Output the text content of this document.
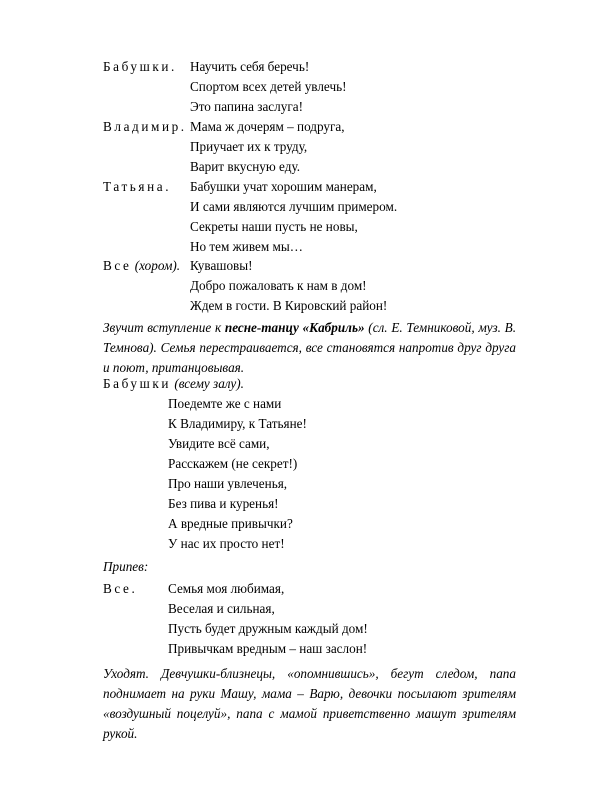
Бабушки. Научить себя беречь!
Спортом всех детей увлечь!
Это папина заслуга!
Владимир. Мама ж дочерям – подруга,
Приучает их к труду,
Варит вкусную еду.
Татьяна. Бабушки учат хорошим манерам,
И сами являются лучшим примером.
Секреты наши пусть не новы,
Но тем живем мы…
Все (хором). Кувашовы!
Добро пожаловать к нам в дом!
Ждем в гости. В Кировский район!
Звучит вступление к песне-танцу «Кабриль» (сл. Е. Темниковой, муз. В. Темнова). Семья перестраивается, все становятся напротив друг друга и поют, пританцовывая.
Бабушки (всему залу).
Поедемте же с нами
К Владимиру, к Татьяне!
Увидите всё сами,
Расскажем (не секрет!)
Про наши увлеченья,
Без пива и куренья!
А вредные привычки?
У нас их просто нет!
Припев:
Все. Семья моя любимая,
Веселая и сильная,
Пусть будет дружным каждый дом!
Привычкам вредным – наш заслон!
Уходят. Девчушки-близнецы, «опомнившись», бегут следом, папа поднимает на руки Машу, мама – Варю, девочки посылают зрителям «воздушный поцелуй», папа с мамой приветственно машут зрителям рукой.
